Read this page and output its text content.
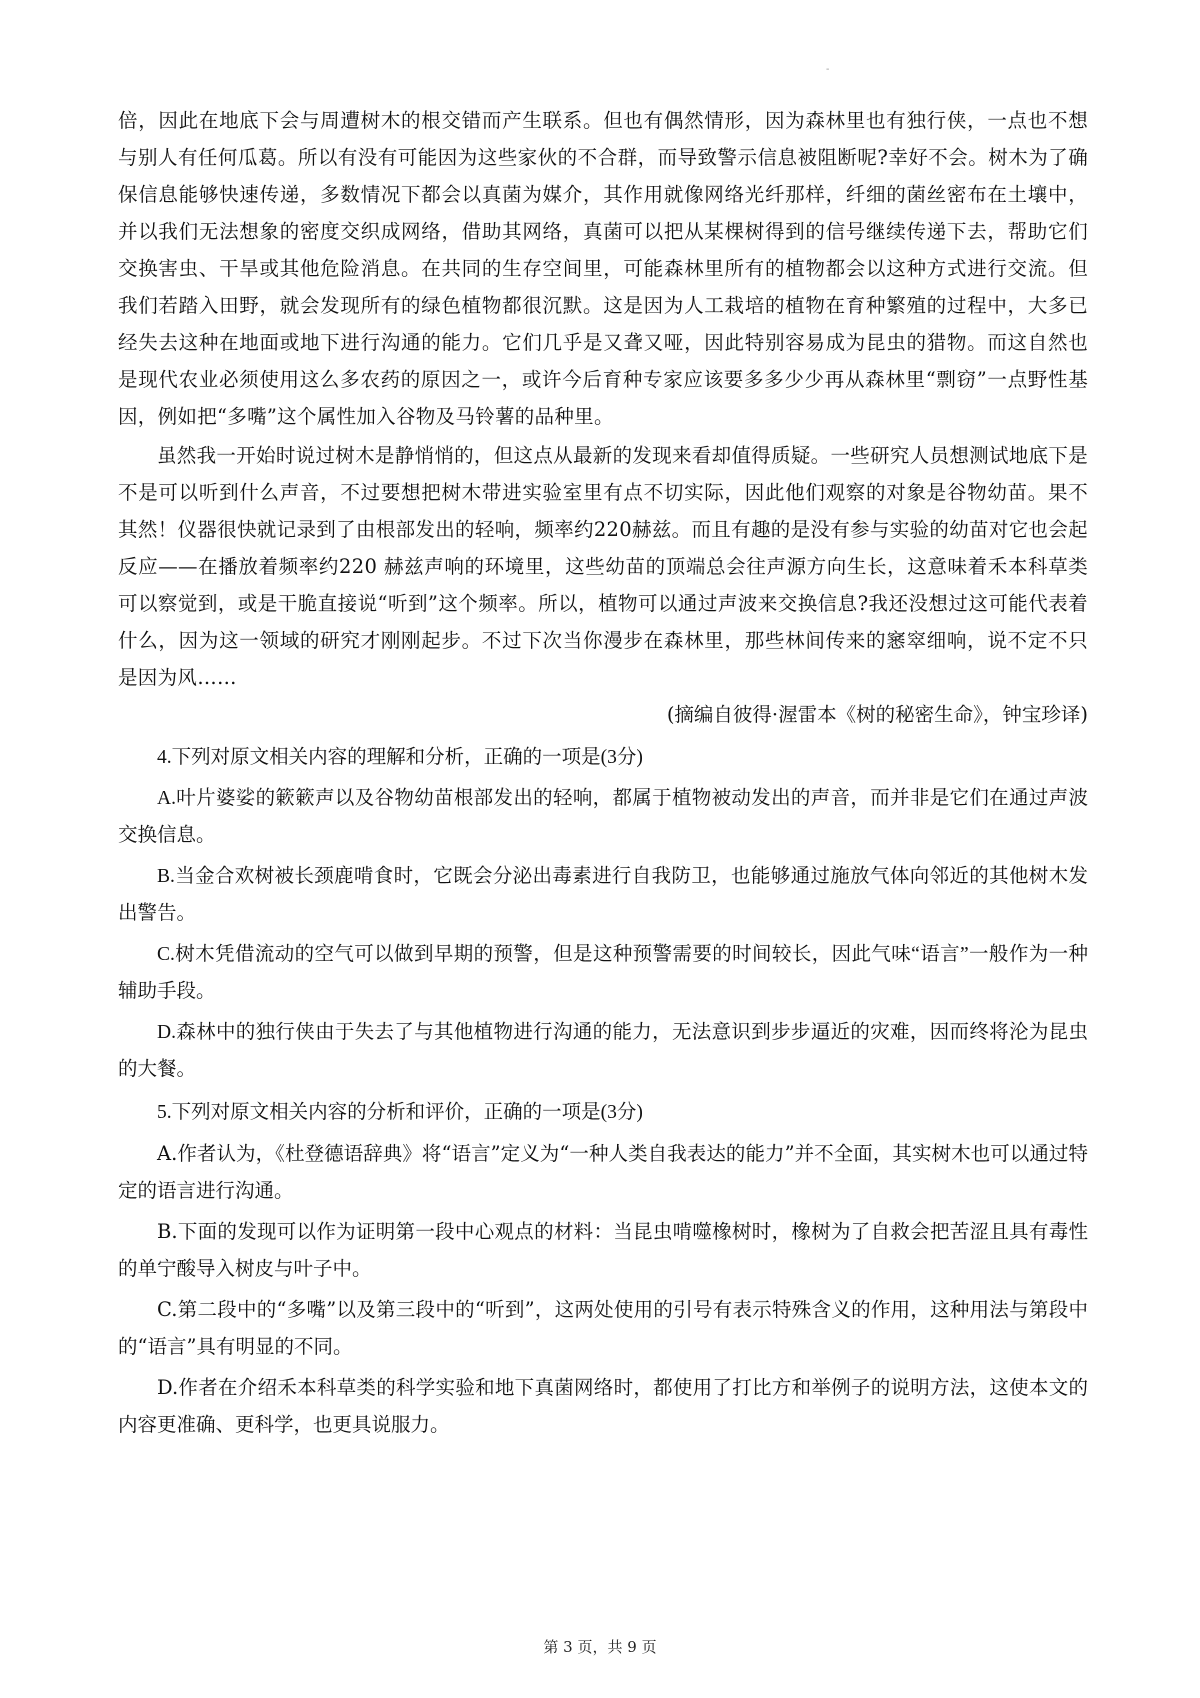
-

倍，因此在地底下会与周遭树木的根交错而产生联系。但也有偶然情形，因为森林里也有独行侠，一点也不想与别人有任何瓜葛。所以有没有可能因为这些家伙的不合群，而导致警示信息被阻断呢?幸好不会。树木为了确保信息能够快速传递，多数情况下都会以真菌为媒介，其作用就像网络光纤那样，纤细的菌丝密布在土壤中，并以我们无法想象的密度交织成网络，借助其网络，真菌可以把从某棵树得到的信号继续传递下去，帮助它们交换害虫、干旱或其他危险消息。在共同的生存空间里，可能森林里所有的植物都会以这种方式进行交流。但我们若踏入田野，就会发现所有的绿色植物都很沉默。这是因为人工栽培的植物在育种繁殖的过程中，大多已经失去这种在地面或地下进行沟通的能力。它们几乎是又聋又哑，因此特别容易成为昆虫的猎物。而这自然也是现代农业必须使用这么多农药的原因之一，或许今后育种专家应该要多多少少再从森林里“剽窃”一点野性基因，例如把“多嘴”这个属性加入谷物及马铃薯的品种里。

虽然我一开始时说过树木是静悄悄的，但这点从最新的发现来看却值得质疑。一些研究人员想测试地底下是不是可以听到什么声音，不过要想把树木带进实验室里有点不切实际，因此他们观察的对象是谷物幼苗。果不其然！仪器很快就记录到了由根部发出的轻响，频率约220赫兹。而且有趣的是没有参与实验的幼苗对它也会起反应——在播放着频率约220 赫兹声响的环境里，这些幼苗的顶端总会往声源方向生长，这意味着禾本科草类可以察觉到，或是干脆直接说“听到”这个频率。所以，植物可以通过声波来交换信息?我还没想过这可能代表着什么，因为这一领域的研究才刚刚起步。不过下次当你漫步在森林里，那些林间传来的窸窣细响，说不定不只是因为风……

(摘编自彼得·渥雷本《树的秘密生命》，钟宝珍译)

4.下列对原文相关内容的理解和分析，正确的一项是(3分)

A.叶片婆娑的簌簌声以及谷物幼苗根部发出的轻响，都属于植物被动发出的声音，而并非是它们在通过声波交换信息。

B.当金合欢树被长颈鹿啃食时，它既会分泌出毒素进行自我防卫，也能够通过施放气体向邻近的其他树木发出警告。

C.树木凭借流动的空气可以做到早期的预警，但是这种预警需要的时间较长，因此气味“语言”一般作为一种辅助手段。

D.森林中的独行侠由于失去了与其他植物进行沟通的能力，无法意识到步步逼近的灾难，因而终将沦为昆虫的大餐。

5.下列对原文相关内容的分析和评价，正确的一项是(3分)

A.作者认为，《杜登德语辞典》将“语言”定义为“一种人类自我表达的能力”并不全面，其实树木也可以通过特定的语言进行沟通。

B.下面的发现可以作为证明第一段中心观点的材料：当昆虫啃噬橡树时，橡树为了自救会把苦涩且具有毒性的单宁酸导入树皮与叶子中。

C.第二段中的“多嘴”以及第三段中的“听到”，这两处使用的引号有表示特殊含义的作用，这种用法与第段中的“语言”具有明显的不同。

D.作者在介绍禾本科草类的科学实验和地下真菌网络时，都使用了打比方和举例子的说明方法，这使本文的内容更准确、更科学，也更具说服力。

第 3 页，共 9 页
